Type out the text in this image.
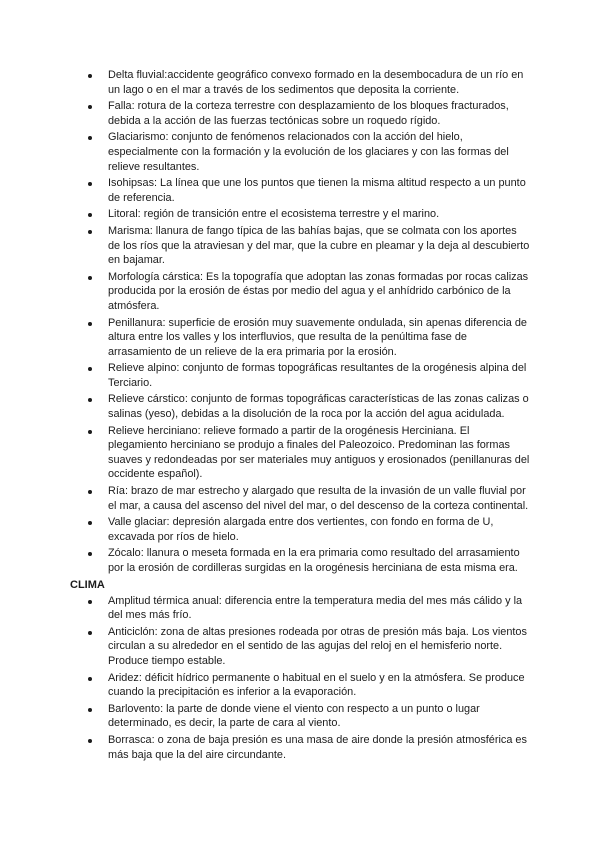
Delta fluvial:accidente geográfico convexo formado en la desembocadura de un río en un lago o en el mar a través de los sedimentos que deposita la corriente.
Falla: rotura de la corteza terrestre con desplazamiento de los bloques fracturados, debida a la acción de las fuerzas tectónicas sobre un roquedo rígido.
Glaciarismo: conjunto de fenómenos relacionados con la acción del hielo, especialmente con la formación y la evolución de los glaciares y con las formas del relieve resultantes.
Isohipsas: La línea que une los puntos que tienen la misma altitud respecto a un punto de referencia.
Litoral: región de transición entre el ecosistema terrestre y el marino.
Marisma: llanura de fango típica de las bahías bajas, que se colmata con los aportes de los ríos que la atraviesan y del mar, que la cubre en pleamar y la deja al descubierto en bajamar.
Morfología cárstica: Es la topografía que adoptan las zonas formadas por rocas calizas producida por la erosión de éstas por medio del agua y el anhídrido carbónico de la atmósfera.
Penillanura: superficie de erosión muy suavemente ondulada, sin apenas diferencia de altura entre los valles y los interfluvios, que resulta de la penúltima fase de arrasamiento de un relieve de la era primaria por la erosión.
Relieve alpino: conjunto de formas topográficas resultantes de la orogénesis alpina del Terciario.
Relieve cárstico: conjunto de formas topográficas características de las zonas calizas o salinas (yeso), debidas a la disolución de la roca por la acción del agua acidulada.
Relieve herciniano: relieve formado a partir de la orogénesis Herciniana. El plegamiento herciniano se produjo a finales del Paleozoico. Predominan las formas suaves y redondeadas por ser materiales muy antiguos y erosionados (penillanuras del occidente español).
Ría: brazo de mar estrecho y alargado que resulta de la invasión de un valle fluvial por el mar, a causa del ascenso del nivel del mar, o del descenso de la corteza continental.
Valle glaciar: depresión alargada entre dos vertientes, con fondo en forma de U, excavada por ríos de hielo.
Zócalo: llanura o meseta formada en la era primaria como resultado del arrasamiento por la erosión de cordilleras surgidas en la orogénesis herciniana de esta misma era.
CLIMA
Amplitud térmica anual: diferencia entre la temperatura media del mes más cálido y la del mes más frío.
Anticiclón: zona de altas presiones rodeada por otras de presión más baja. Los vientos circulan a su alrededor en el sentido de las agujas del reloj en el hemisferio norte. Produce tiempo estable.
Aridez: déficit hídrico permanente o habitual en el suelo y en la atmósfera. Se produce cuando la precipitación es inferior a la evaporación.
Barlovento: la parte de donde viene el viento con respecto a un punto o lugar determinado, es decir, la parte de cara al viento.
Borrasca: o zona de baja presión es una masa de aire donde la presión atmosférica es más baja que la del aire circundante.
